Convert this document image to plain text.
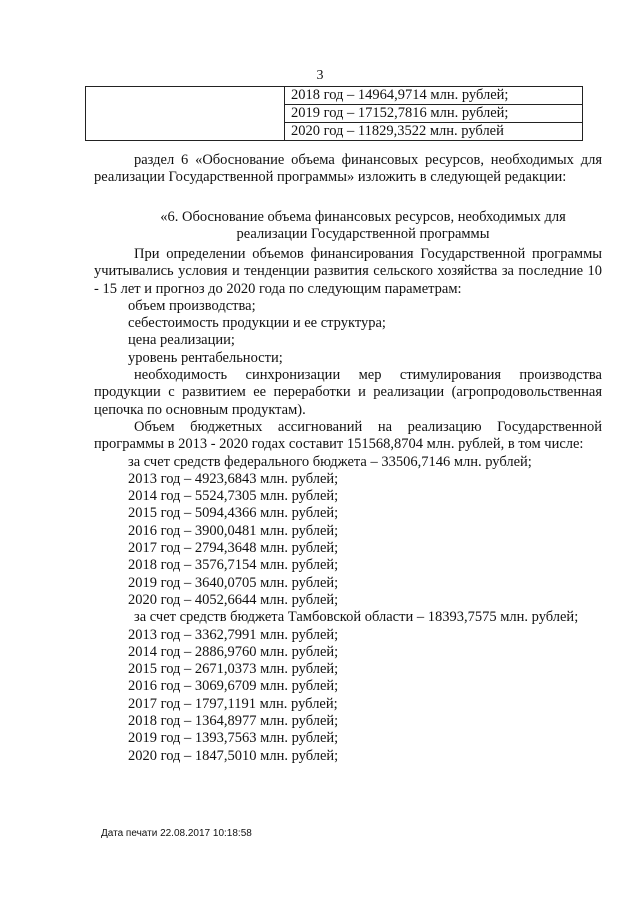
3

2018 год – 14964,9714 млн. рублей;
2019 год – 17152,7816 млн. рублей;
2020 год – 11829,3522 млн. рублей

раздел 6 «Обоснование объема финансовых ресурсов, необходимых для

реализации Государственной программы» изложить в следующей редакции:

«6. Обоснование объема финансовых ресурсов, необходимых для

реализации Государственной программы

При определении объемов финансирования Государственной программы учитывались условия и тенденции развития сельского хозяйства за последние 10 - 15 лет и прогноз до 2020 года по следующим параметрам:

объем производства;

себестоимость продукции и ее структура;

цена реализации;

уровень рентабельности;

необходимость синхронизации мер стимулирования производства продукции с развитием ее переработки и реализации (агропродовольственная цепочка по основным продуктам).

Объем бюджетных ассигнований на реализацию Государственной программы в 2013 - 2020 годах составит 151568,8704 млн. рублей, в том числе:

за счет средств федерального бюджета – 33506,7146 млн. рублей;

2013 год – 4923,6843 млн. рублей;

2014 год – 5524,7305 млн. рублей;

2015 год – 5094,4366 млн. рублей;

2016 год – 3900,0481 млн. рублей;

2017 год – 2794,3648 млн. рублей;

2018 год – 3576,7154 млн. рублей;

2019 год – 3640,0705 млн. рублей;

2020 год – 4052,6644 млн. рублей;

за счет средств бюджета Тамбовской области – 18393,7575 млн. рублей;

2013 год – 3362,7991 млн. рублей;

2014 год – 2886,9760 млн. рублей;

2015 год – 2671,0373 млн. рублей;

2016 год – 3069,6709 млн. рублей;

2017 год – 1797,1191 млн. рублей;

2018 год – 1364,8977 млн. рублей;

2019 год – 1393,7563 млн. рублей;

2020 год – 1847,5010 млн. рублей;

Дата печати 22.08.2017 10:18:58
